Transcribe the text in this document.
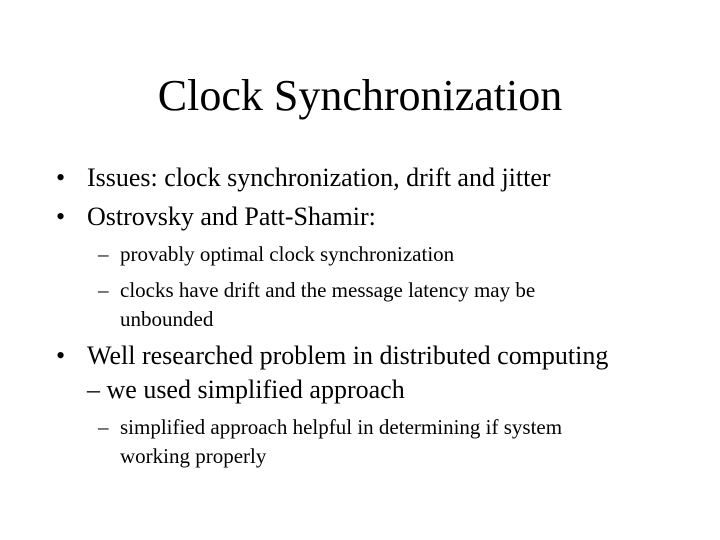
Clock Synchronization
• Issues: clock synchronization, drift and jitter
• Ostrovsky and Patt-Shamir:
– provably optimal clock synchronization
– clocks have drift and the message latency may be
unbounded
• Well researched problem in distributed computing
– we used simplified approach
– simplified approach helpful in determining if system
working properly
